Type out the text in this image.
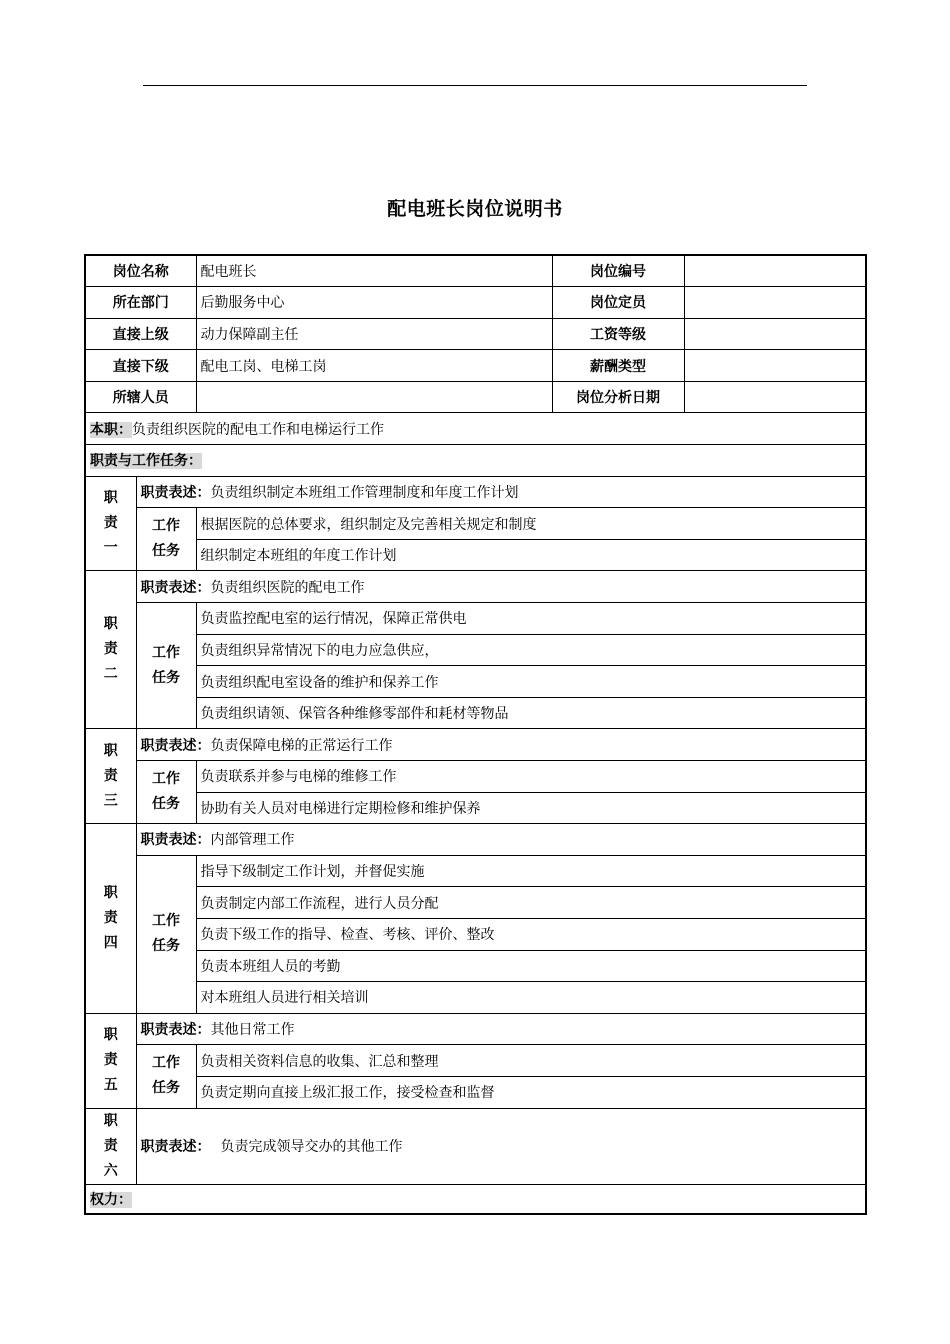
配电班长岗位说明书
岗位名称		配电班长	岗位编号	
所在部门		后勤服务中心	岗位定员	
直接上级		动力保障副主任	工资等级	
直接下级		配电工岗、电梯工岗	薪酬类型	
所辖人员			岗位分析日期	
本职：负责组织医院的配电工作和电梯运行工作				
职责与工作任务：				
职
责
一	职责表述：负责组织制定本班组工作管理制度和年度工作计划			
	工作
任务	根据医院的总体要求，组织制定及完善相关规定和制度		
		组织制定本班组的年度工作计划		
职
责
二	职责表述：负责组织医院的配电工作			
	工作
任务	负责监控配电室的运行情况，保障正常供电		
		负责组织异常情况下的电力应急供应，		
		负责组织配电室设备的维护和保养工作		
		负责组织请领、保管各种维修零部件和耗材等物品		
职
责
三	职责表述：负责保障电梯的正常运行工作			
	工作
任务	负责联系并参与电梯的维修工作		
		协助有关人员对电梯进行定期检修和维护保养		
职
责
四	职责表述：内部管理工作			
	工作
任务	指导下级制定工作计划，并督促实施		
		负责制定内部工作流程，进行人员分配		
		负责下级工作的指导、检查、考核、评价、整改		
		负责本班组人员的考勤		
		对本班组人员进行相关培训		
职
责
五	职责表述：其他日常工作			
	工作
任务	负责相关资料信息的收集、汇总和整理		
		负责定期向直接上级汇报工作，接受检查和监督		
职
责
六	职责表述： 负责完成领导交办的其他工作			
权力：				
